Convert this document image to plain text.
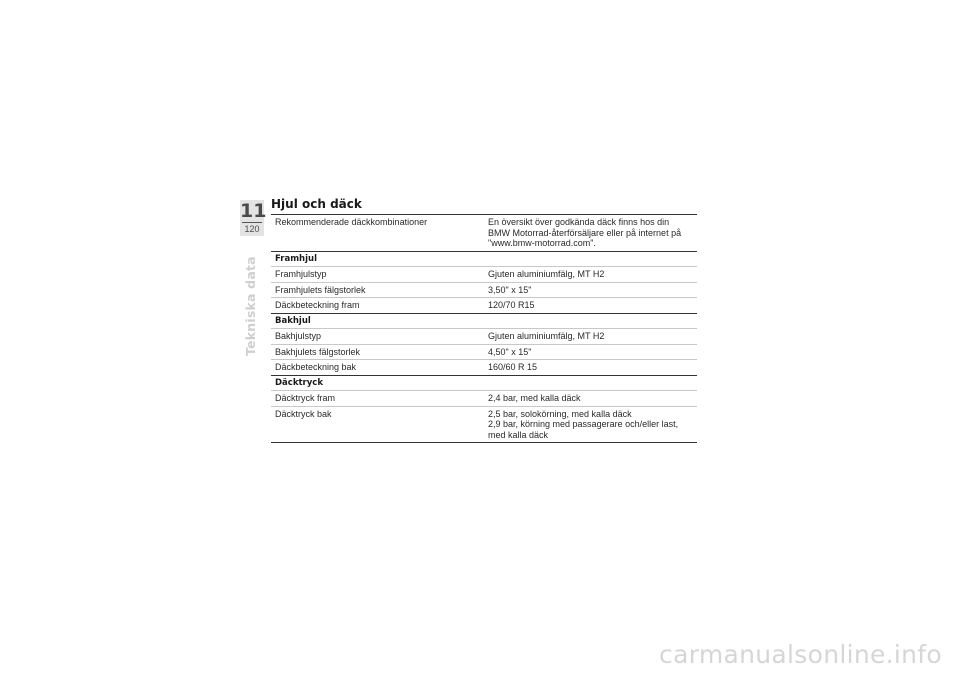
11
120
Tekniska data
Hjul och däck
Rekommenderade däckkombinationer	En översikt över godkända däck finns hos din
BMW Motorrad-återförsäljare eller på internet på
"www.bmw-motorrad.com".

Framhjul	
Framhjulstyp	Gjuten aluminiumfälg, MT H2

Framhjulets fälgstorlek	3,50" x 15"

Däckbeteckning fram	120/70 R15

Bakhjul	
Bakhjulstyp	Gjuten aluminiumfälg, MT H2

Bakhjulets fälgstorlek	4,50" x 15"

Däckbeteckning bak	160/60 R 15

Däcktryck	
Däcktryck fram	2,4 bar, med kalla däck

Däcktryck bak	2,5 bar, solokörning, med kalla däck
2,9 bar, körning med passagerare och/eller last,
med kalla däck
carmanualsonline.info
